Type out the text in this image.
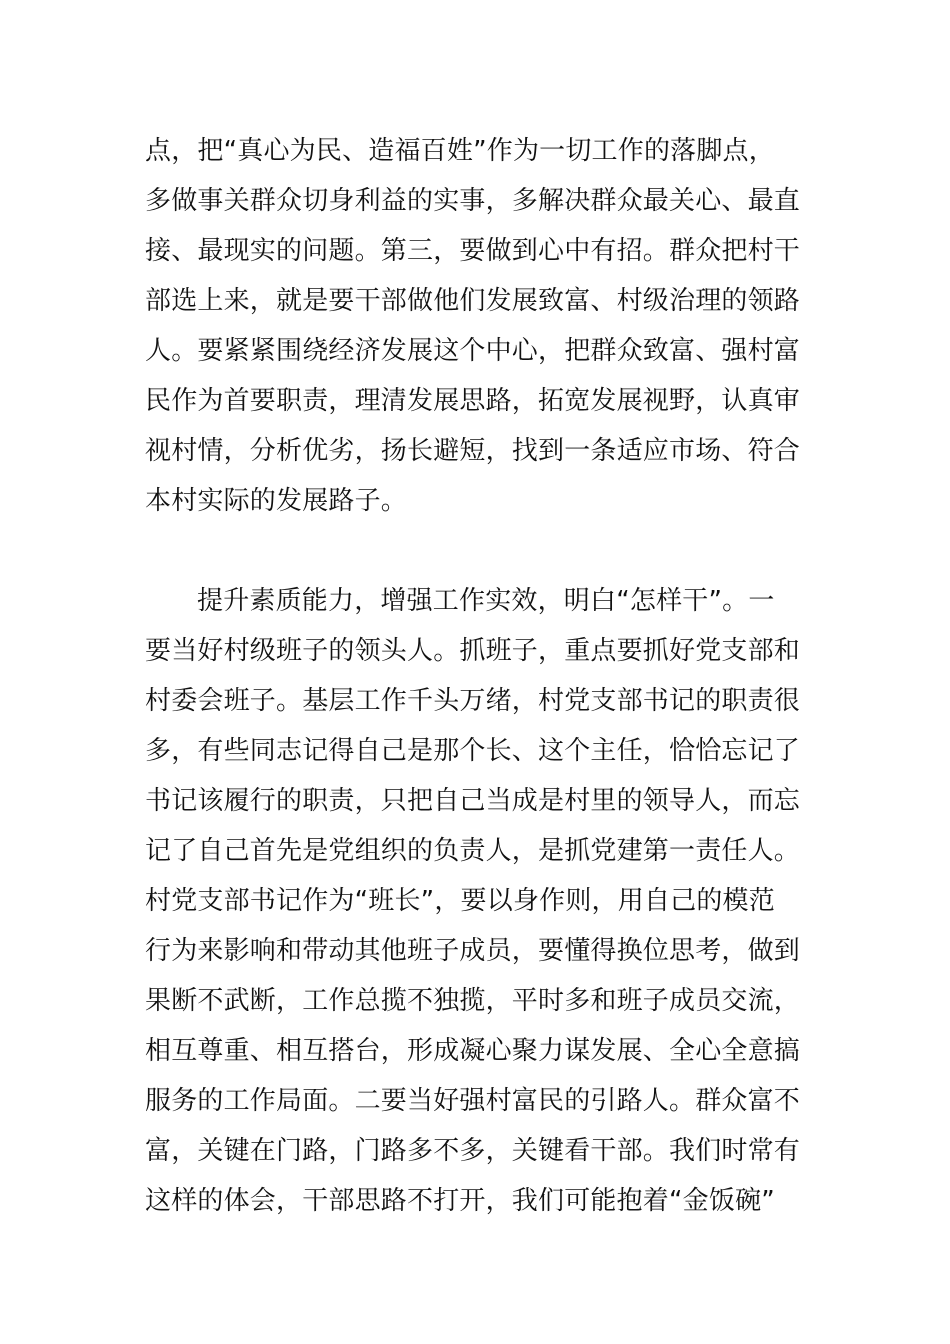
点，把“真心为民、造福百姓”作为一切工作的落脚点，
多做事关群众切身利益的实事，多解决群众最关心、最直
接、最现实的问题。第三，要做到心中有招。群众把村干
部选上来，就是要干部做他们发展致富、村级治理的领路
人。要紧紧围绕经济发展这个中心，把群众致富、强村富
民作为首要职责，理清发展思路，拓宽发展视野，认真审
视村情，分析优劣，扬长避短，找到一条适应市场、符合
本村实际的发展路子。
提升素质能力，增强工作实效，明白“怎样干”。一
要当好村级班子的领头人。抓班子，重点要抓好党支部和
村委会班子。基层工作千头万绪，村党支部书记的职责很
多，有些同志记得自己是那个长、这个主任，恰恰忘记了
书记该履行的职责，只把自己当成是村里的领导人，而忘
记了自己首先是党组织的负责人，是抓党建第一责任人。
村党支部书记作为“班长”，要以身作则，用自己的模范
行为来影响和带动其他班子成员，要懂得换位思考，做到
果断不武断，工作总揽不独揽，平时多和班子成员交流，
相互尊重、相互搭台，形成凝心聚力谋发展、全心全意搞
服务的工作局面。二要当好强村富民的引路人。群众富不
富，关键在门路，门路多不多，关键看干部。我们时常有
这样的体会，干部思路不打开，我们可能抱着“金饭碗”
